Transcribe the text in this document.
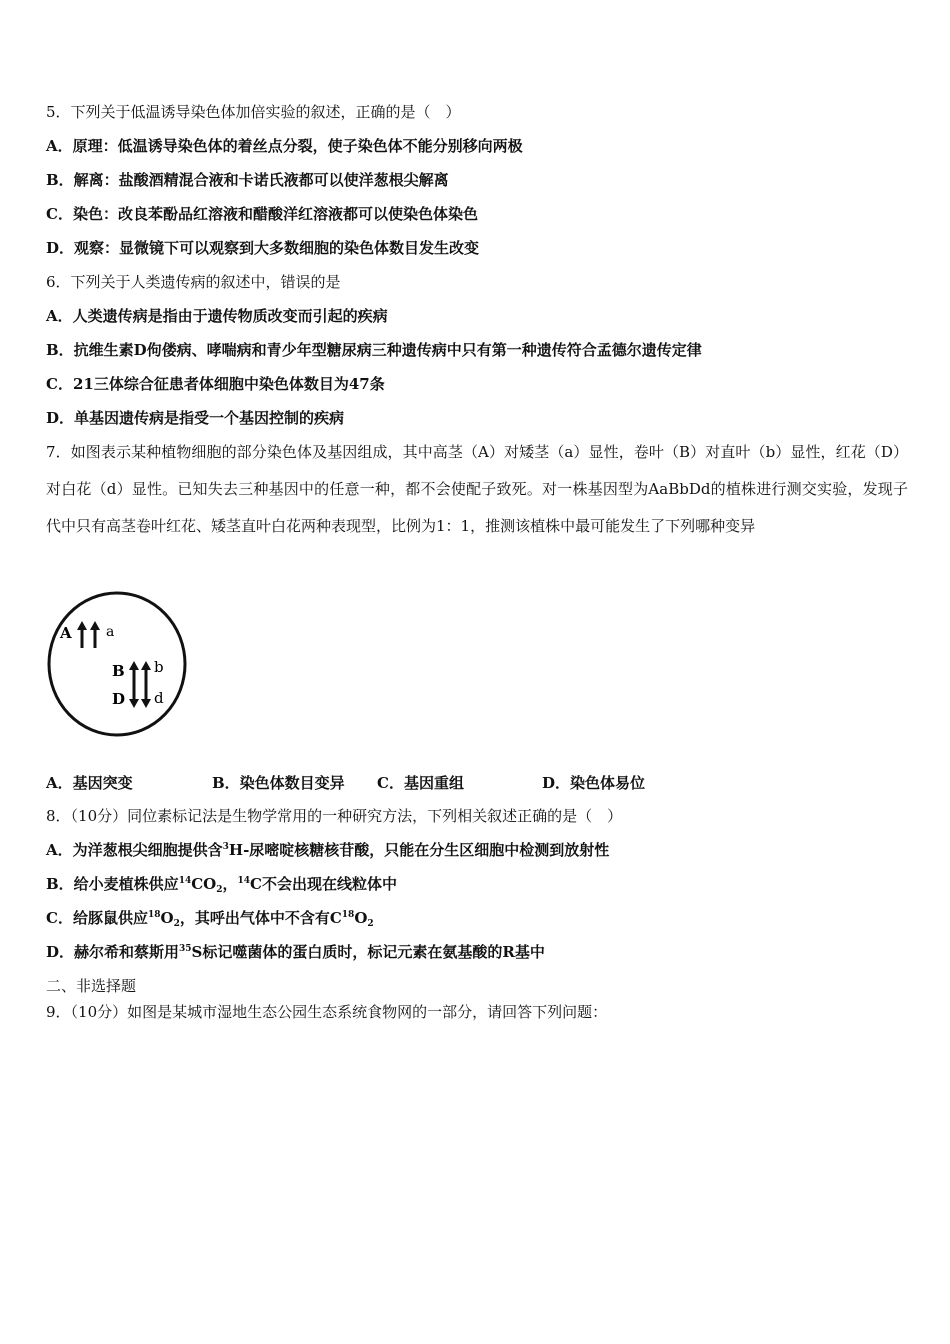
5．下列关于低温诱导染色体加倍实验的叙述，正确的是（　）
A．原理：低温诱导染色体的着丝点分裂，使子染色体不能分别移向两极
B．解离：盐酸酒精混合液和卡诺氏液都可以使洋葱根尖解离
C．染色：改良苯酚品红溶液和醋酸洋红溶液都可以使染色体染色
D．观察：显微镜下可以观察到大多数细胞的染色体数目发生改变
6．下列关于人类遗传病的叙述中，错误的是
A．人类遗传病是指由于遗传物质改变而引起的疾病
B．抗维生素D佝偻病、哮喘病和青少年型糖尿病三种遗传病中只有第一种遗传符合孟德尔遗传定律
C．21三体综合征患者体细胞中染色体数目为47条
D．单基因遗传病是指受一个基因控制的疾病
7．如图表示某种植物细胞的部分染色体及基因组成，其中高茎（A）对矮茎（a）显性，卷叶（B）对直叶（b）显性，红花（D）对白花（d）显性。已知失去三种基因中的任意一种，都不会使配子致死。对一株基因型为AaBbDd的植株进行测交实验，发现子代中只有高茎卷叶红花、矮茎直叶白花两种表现型，比例为1：1，推测该植株中最可能发生了下列哪种变异
A a
B b
D d
A．基因突变	B．染色体数目变异 C．基因重组	D．染色体易位
8．（10分）同位素标记法是生物学常用的一种研究方法，下列相关叙述正确的是（　）
A．为洋葱根尖细胞提供含$^3$H-尿嘧啶核糖核苷酸，只能在分生区细胞中检测到放射性
B．给小麦植株供应$^{14}CO_2$，$^{14}$C不会出现在线粒体中
C．给豚鼠供应$^{18}O_2$，其呼出气体中不含有$C^{18}O_2$
D．赫尔希和蔡斯用$^{35}$S标记噬菌体的蛋白质时，标记元素在氨基酸的R基中
二、非选择题
9．（10分）如图是某城市湿地生态公园生态系统食物网的一部分，请回答下列问题：
